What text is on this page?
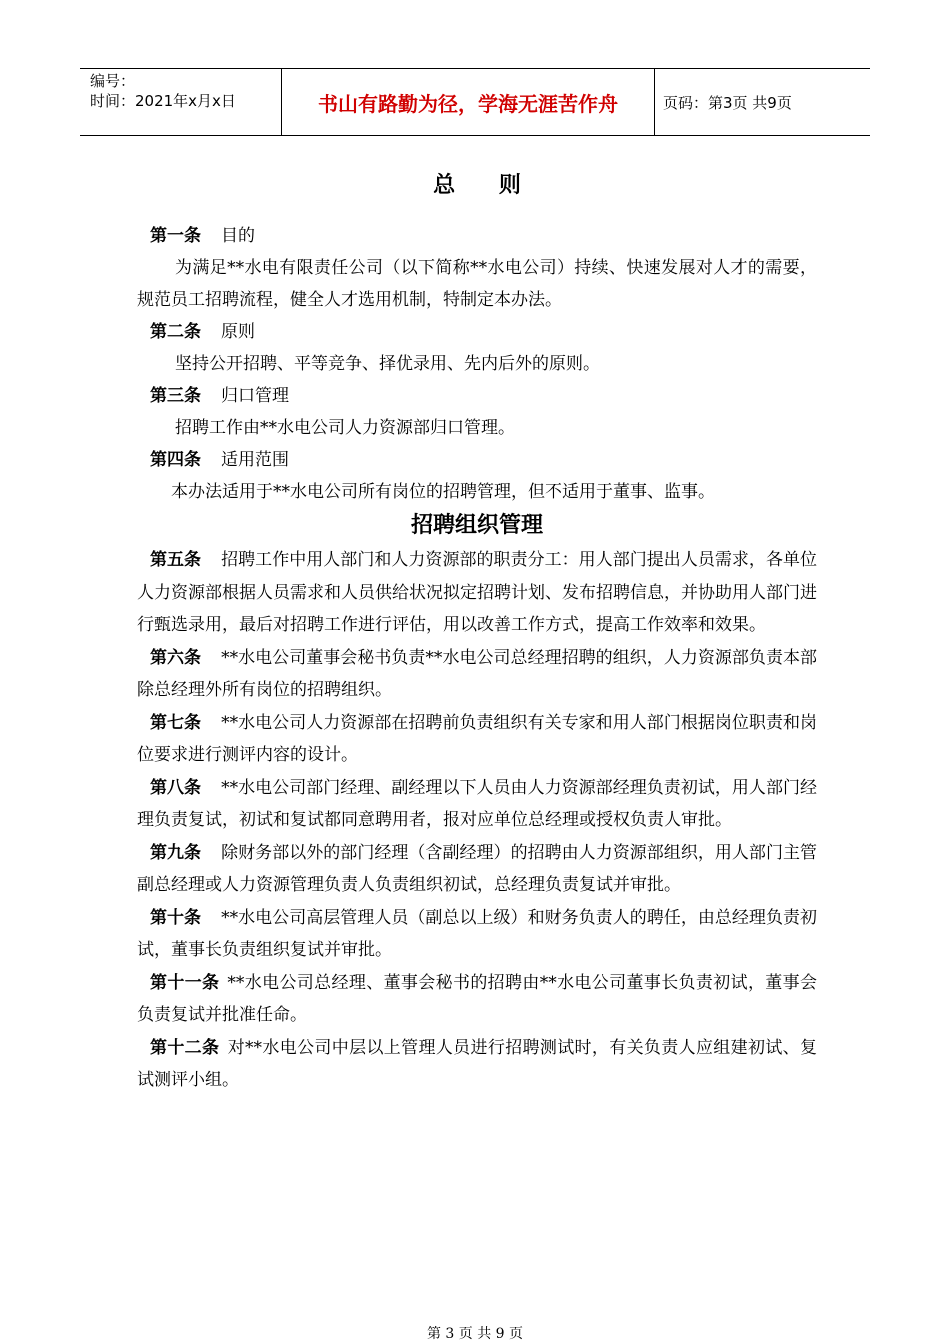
编号：
时间：2021年x月x日	书山有路勤为径，学海无涯苦作舟	页码：第3页 共9页
总 则

第一条 目的

为满足**水电有限责任公司（以下简称**水电公司）持续、快速发展对人才的需要，规范员工招聘流程，健全人才选用机制，特制定本办法。

第二条 原则

坚持公开招聘、平等竞争、择优录用、先内后外的原则。

第三条 归口管理

招聘工作由**水电公司人力资源部归口管理。

第四条 适用范围

本办法适用于**水电公司所有岗位的招聘管理，但不适用于董事、监事。

招聘组织管理

第五条 招聘工作中用人部门和人力资源部的职责分工：用人部门提出人员需求，各单位人力资源部根据人员需求和人员供给状况拟定招聘计划、发布招聘信息，并协助用人部门进行甄选录用，最后对招聘工作进行评估，用以改善工作方式，提高工作效率和效果。

第六条 **水电公司董事会秘书负责**水电公司总经理招聘的组织，人力资源部负责本部除总经理外所有岗位的招聘组织。

第七条 **水电公司人力资源部在招聘前负责组织有关专家和用人部门根据岗位职责和岗位要求进行测评内容的设计。

第八条 **水电公司部门经理、副经理以下人员由人力资源部经理负责初试，用人部门经理负责复试，初试和复试都同意聘用者，报对应单位总经理或授权负责人审批。

第九条 除财务部以外的部门经理（含副经理）的招聘由人力资源部组织，用人部门主管副总经理或人力资源管理负责人负责组织初试，总经理负责复试并审批。

第十条 **水电公司高层管理人员（副总以上级）和财务负责人的聘任，由总经理负责初试，董事长负责组织复试并审批。

第十一条 **水电公司总经理、董事会秘书的招聘由**水电公司董事长负责初试，董事会负责复试并批准任命。

第十二条 对**水电公司中层以上管理人员进行招聘测试时，有关负责人应组建初试、复试测评小组。

第 3 页 共 9 页
